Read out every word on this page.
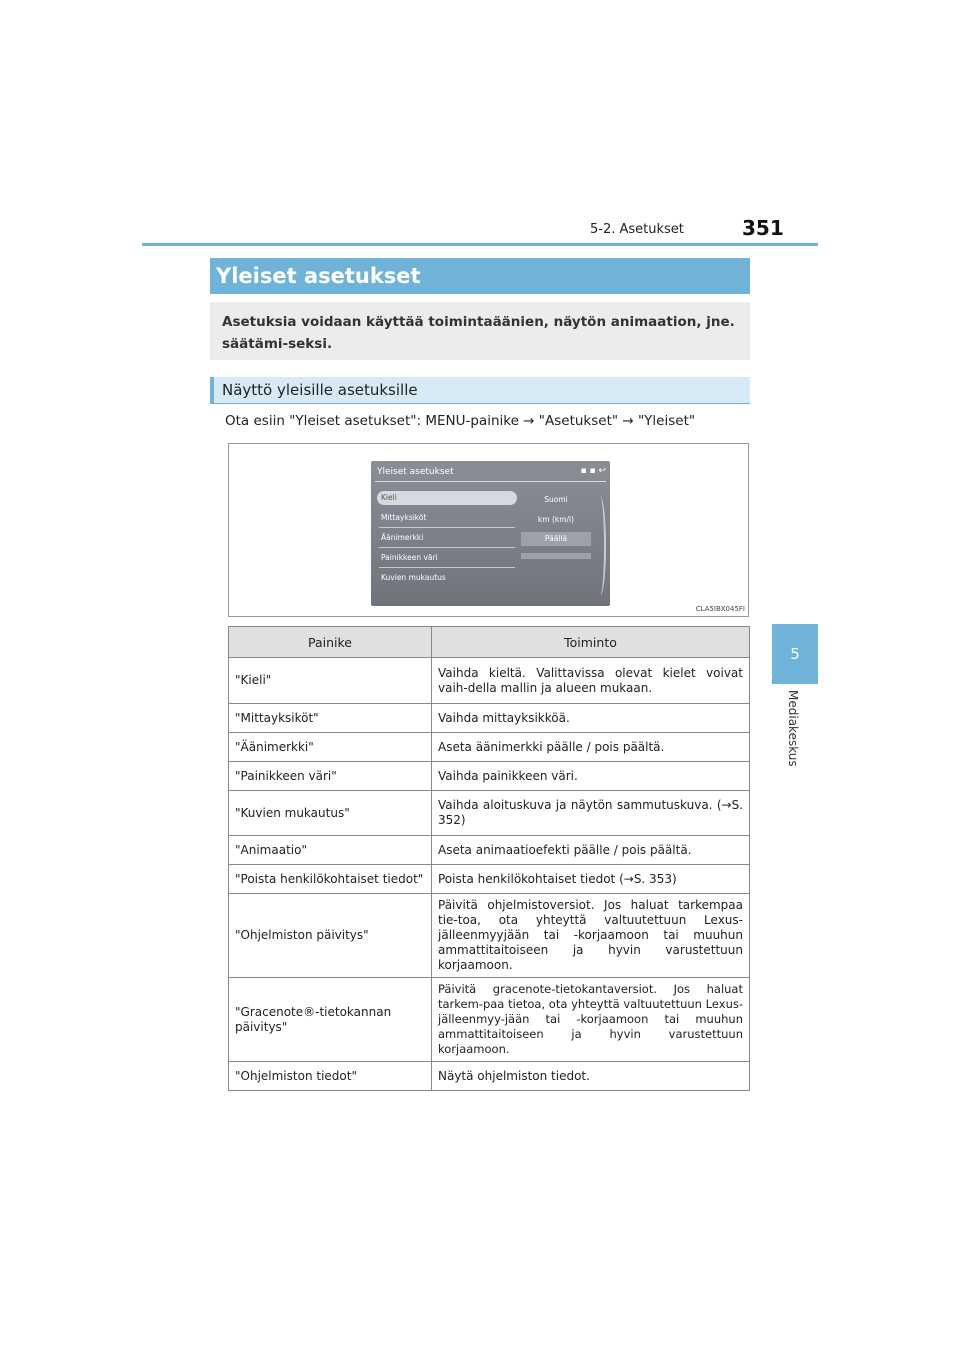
5-2. Asetukset	351
5
Mediakeskus
Yleiset asetukset
Asetuksia voidaan käyttää toimintaäänien, näytön animaation, jne. säätämi-seksi.
Näyttö yleisille asetuksille
Ota esiin "Yleiset asetukset": MENU-painike → "Asetukset" → "Yleiset"
Yleiset asetukset	▪ ▪ ↩
Kieli
Mittayksiköt
Äänimerkki
Painikkeen väri
Kuvien mukautus
Suomi
km (km/l)
Päällä
CLA5IBX045FI
Painike	Toiminto
"Kieli"	Vaihda kieltä. Valittavissa olevat kielet voivat vaih-della mallin ja alueen mukaan.
"Mittayksiköt"	Vaihda mittayksikköä.
"Äänimerkki"	Aseta äänimerkki päälle / pois päältä.
"Painikkeen väri"	Vaihda painikkeen väri.
"Kuvien mukautus"	Vaihda aloituskuva ja näytön sammutuskuva. (→S. 352)
"Animaatio"	Aseta animaatioefekti päälle / pois päältä.
"Poista henkilökohtaiset tiedot"	Poista henkilökohtaiset tiedot (→S. 353)
"Ohjelmiston päivitys"	Päivitä ohjelmistoversiot. Jos haluat tarkempaa tie-toa, ota yhteyttä valtuutettuun Lexus-jälleenmyyjään tai -korjaamoon tai muuhun ammattitaitoiseen ja hyvin varustettuun korjaamoon.
"Gracenote®-tietokannan päivitys"	Päivitä gracenote-tietokantaversiot. Jos haluat tarkem-paa tietoa, ota yhteyttä valtuutettuun Lexus-jälleenmyy-jään tai -korjaamoon tai muuhun ammattitaitoiseen ja hyvin varustettuun korjaamoon.
"Ohjelmiston tiedot"	Näytä ohjelmiston tiedot.
